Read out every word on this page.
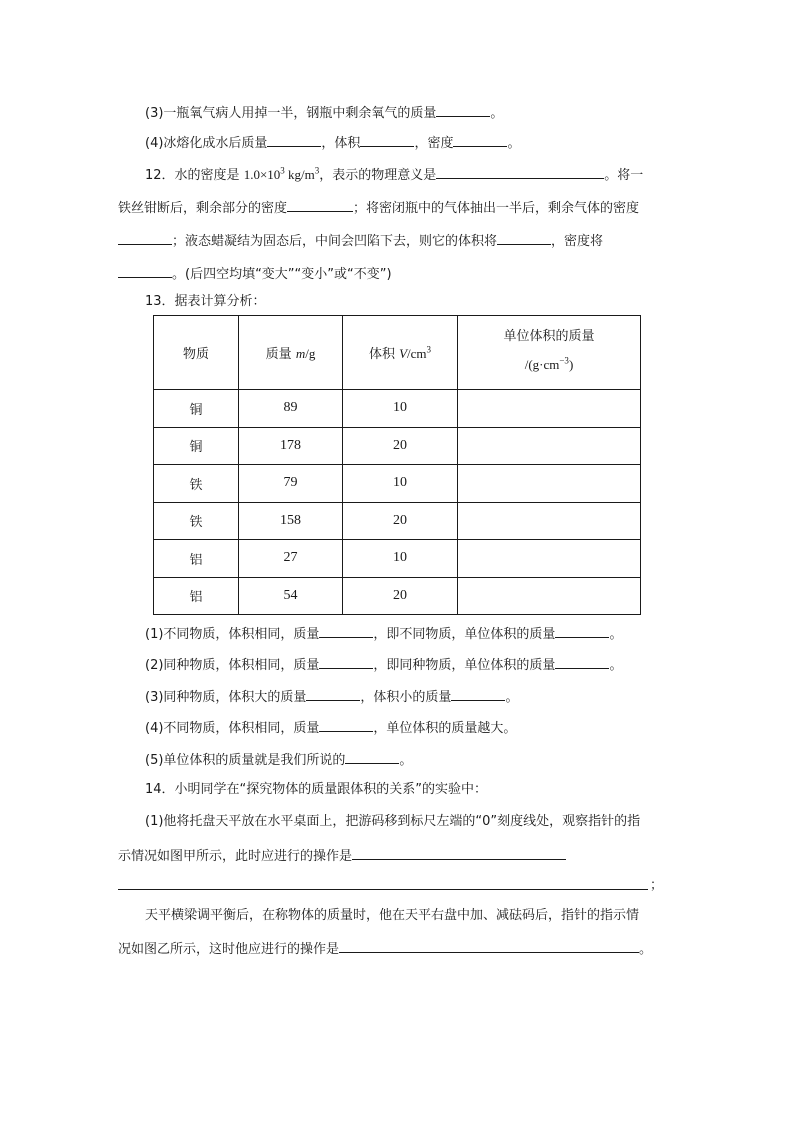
(3)一瓶氧气病人用掉一半，钢瓶中剩余氧气的质量	。
(4)冰熔化成水后质量	，体积	，密度	。
12．水的密度是 $1.0\times 10^3$ $kg/m^3$，表示的物理意义是	。将一
铁丝钳断后，剩余部分的密度	；将密闭瓶中的气体抽出一半后，剩余气体的密度
；液态蜡凝结为固态后，中间会凹陷下去，则它的体积将	，密度将
。(后四空均填“变大”“变小”或“不变”)
13．据表计算分析：
物质	质量 m/g	体积 $V/cm^3$	单位体积的质量
$/(g\cdot cm^{-3})$

铜	89	10	
铜	178	20	
铁	79	10	
铁	158	20	
铝	27	10	
铝	54	20	
(1)不同物质，体积相同，质量	，即不同物质，单位体积的质量	。
(2)同种物质，体积相同，质量	，即同种物质，单位体积的质量	。
(3)同种物质，体积大的质量	，体积小的质量	。
(4)不同物质，体积相同，质量	，单位体积的质量越大。
(5)单位体积的质量就是我们所说的	。
14．小明同学在“探究物体的质量跟体积的关系”的实验中：
(1)他将托盘天平放在水平桌面上，把游码移到标尺左端的“0”刻度线处，观察指针的指
示情况如图甲所示，此时应进行的操作是
；
天平横梁调平衡后，在称物体的质量时，他在天平右盘中加、减砝码后，指针的指示情
况如图乙所示，这时他应进行的操作是	。
